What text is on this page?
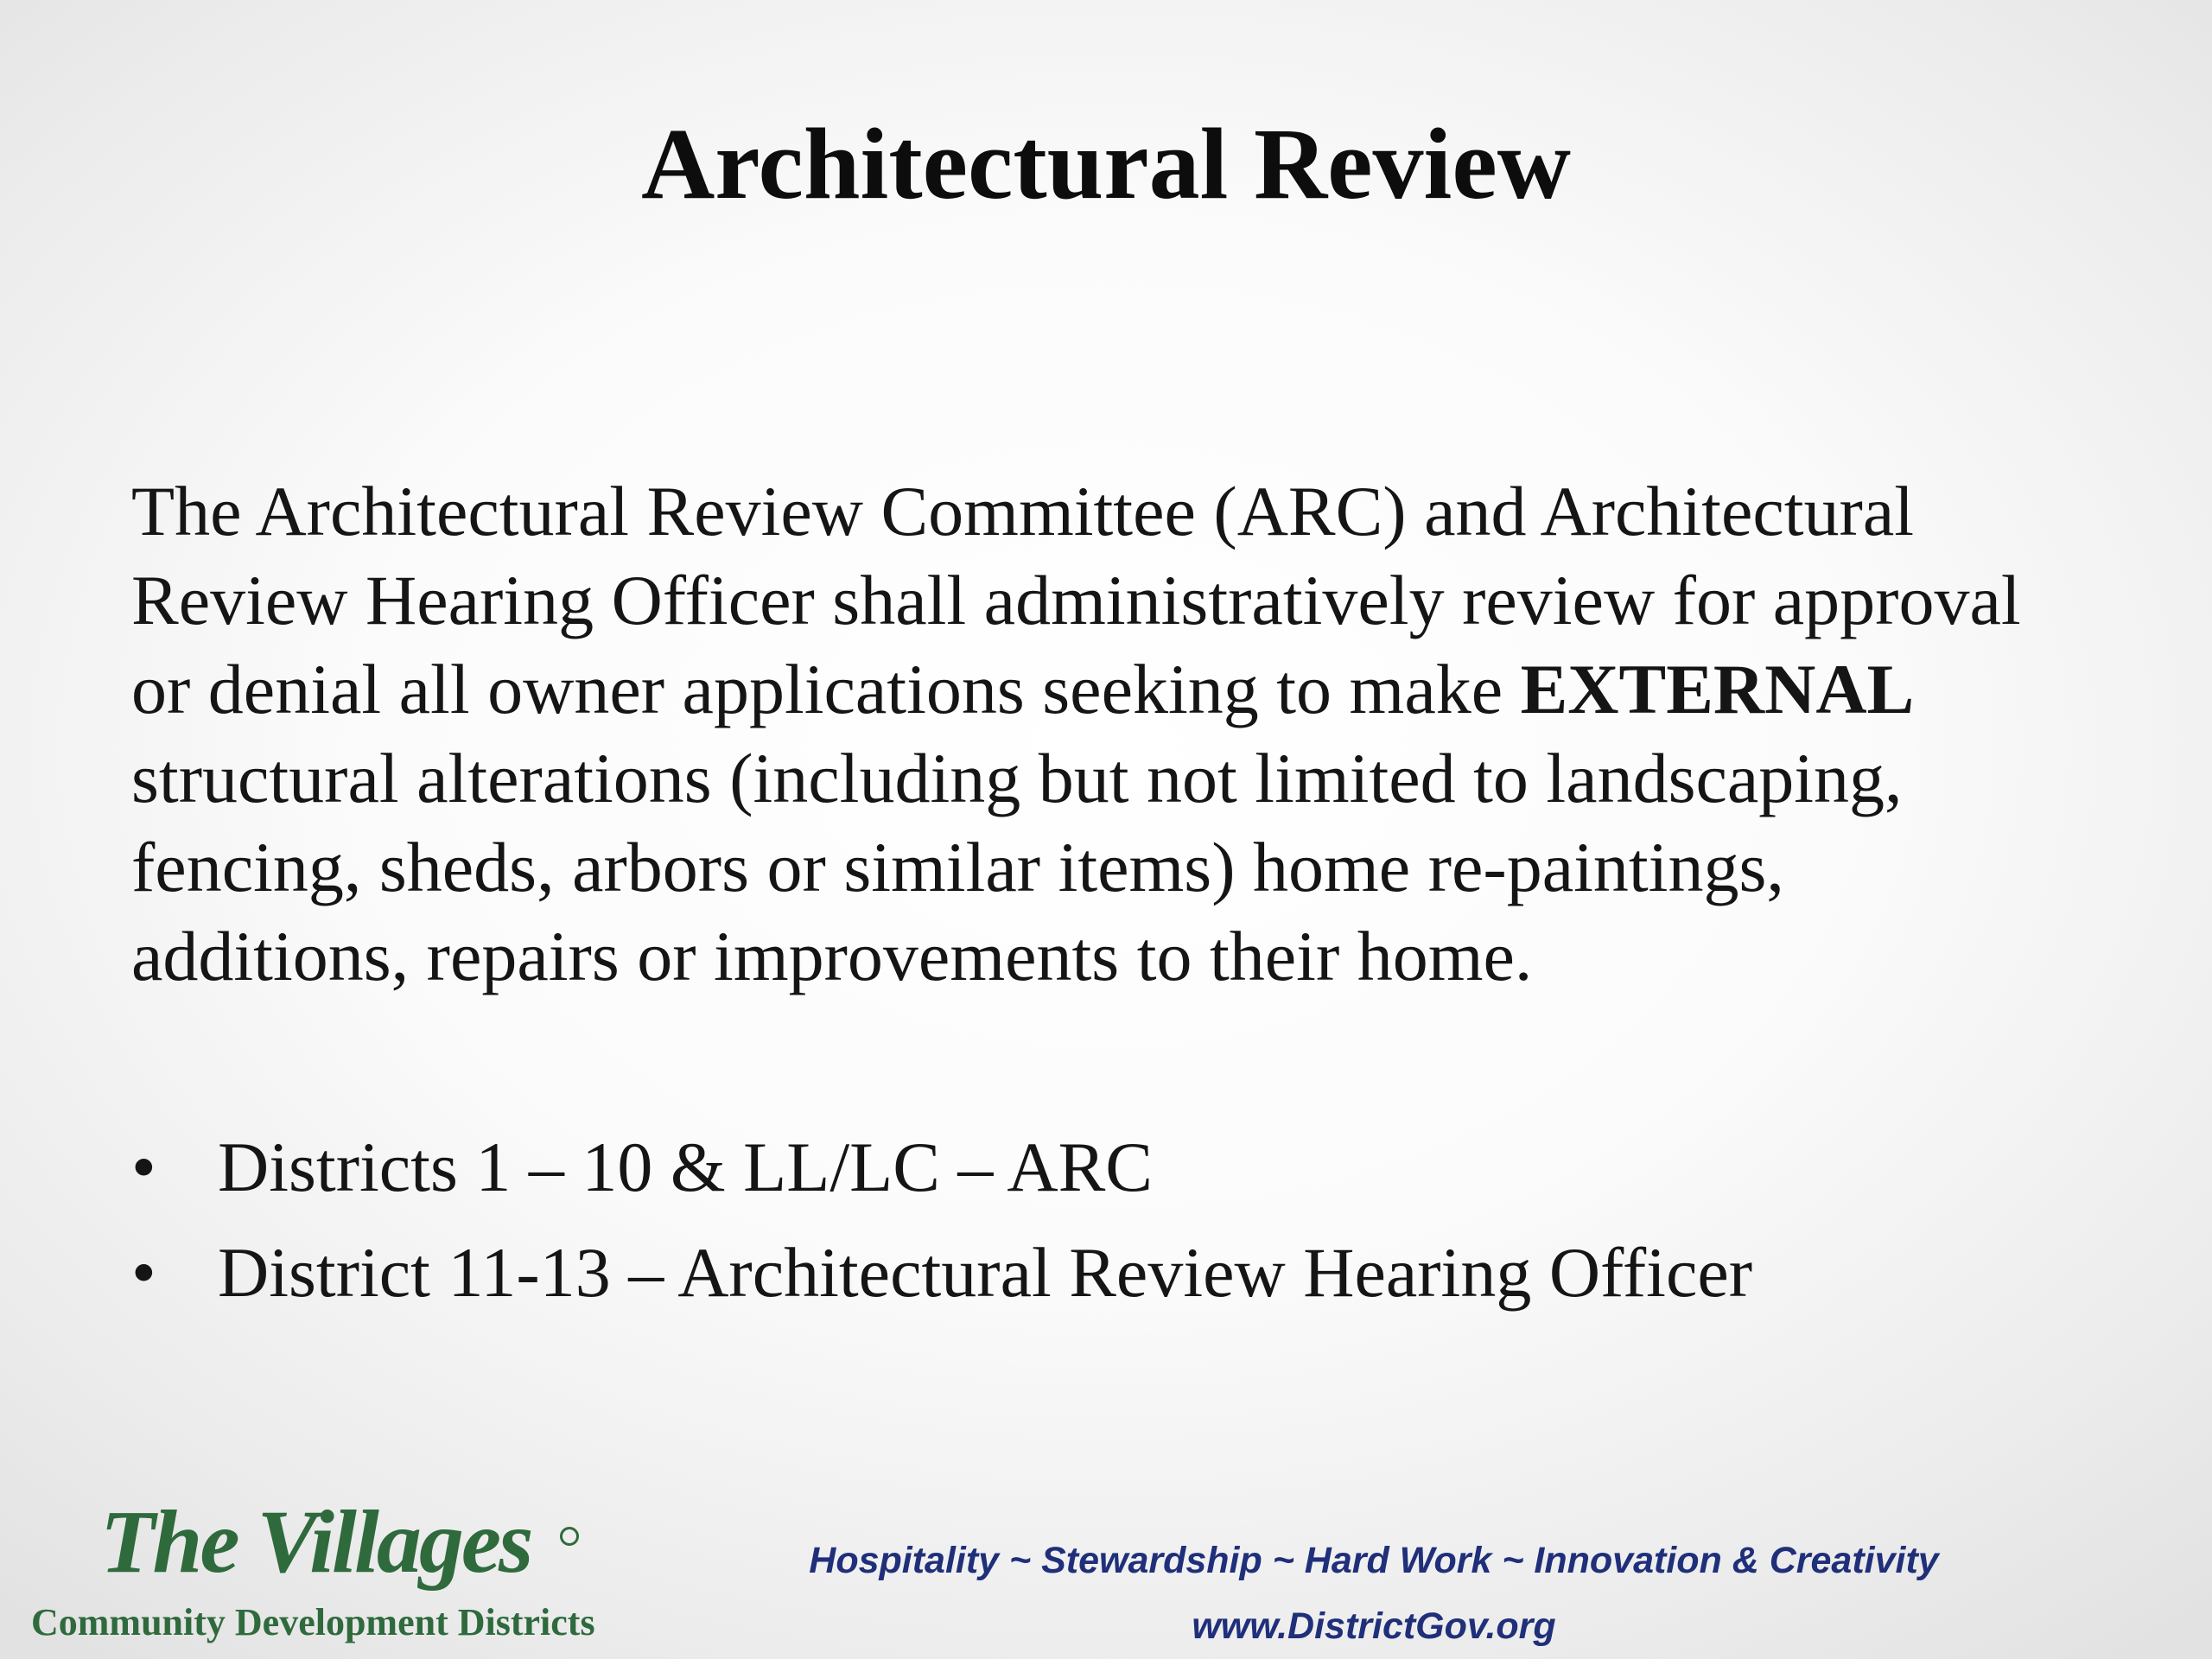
Architectural Review

The Architectural Review Committee (ARC) and Architectural
Review Hearing Officer shall administratively review for approval
or denial all owner applications seeking to make EXTERNAL
structural alterations (including but not limited to landscaping,
fencing, sheds, arbors or similar items) home re-paintings,
additions, repairs or improvements to their home.

• Districts 1 – 10 & LL/LC – ARC
• District 11-13 – Architectural Review Hearing Officer
The Villages
Community Development Districts
Hospitality ~ Stewardship ~ Hard Work ~ Innovation & Creativity
www.DistrictGov.org
